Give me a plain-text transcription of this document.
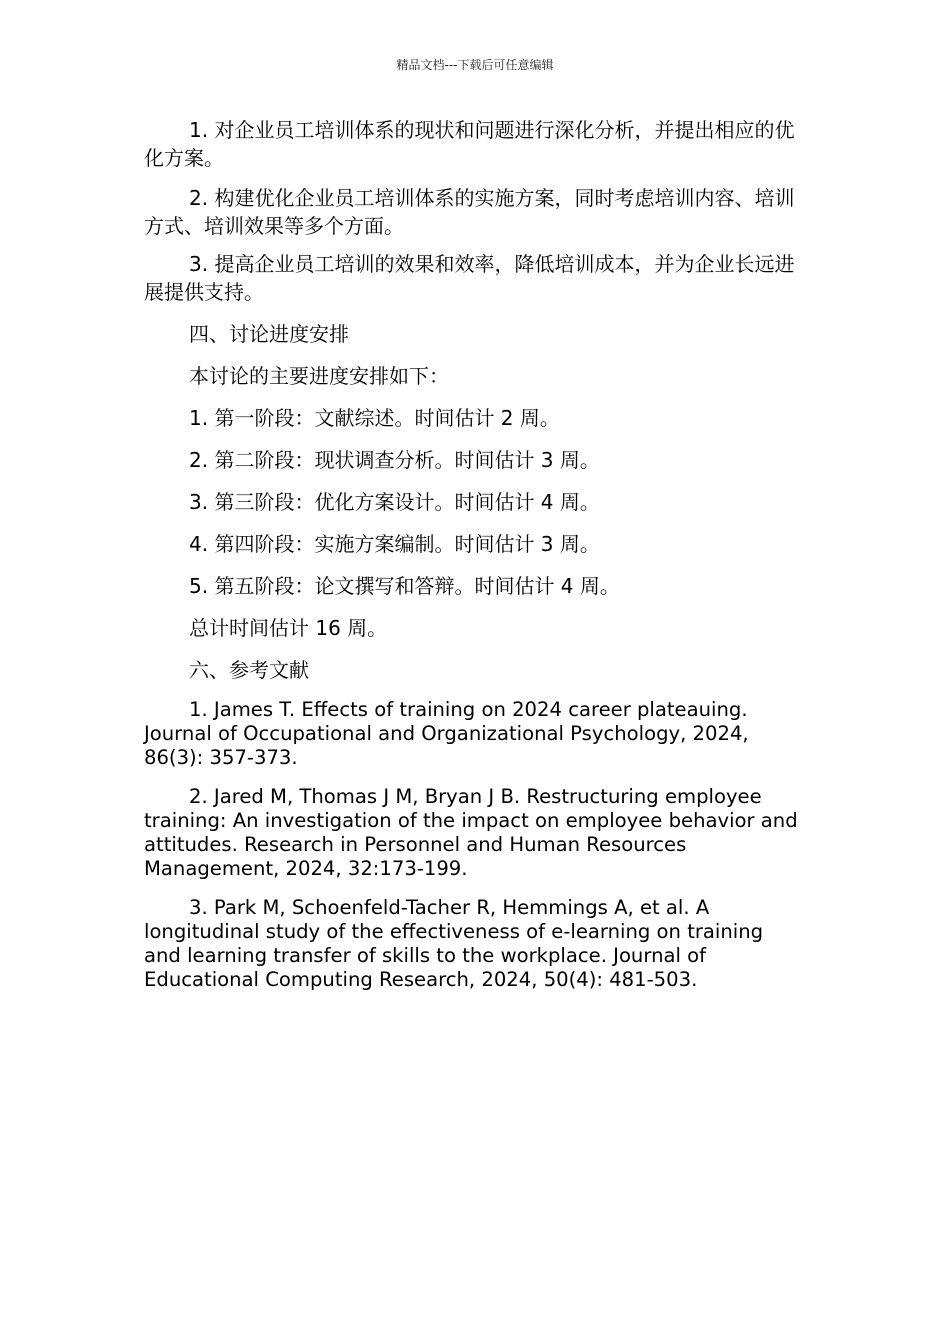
精品文档---下载后可任意编辑

1. 对企业员工培训体系的现状和问题进行深化分析，并提出相应的优化方案。

2. 构建优化企业员工培训体系的实施方案，同时考虑培训内容、培训方式、培训效果等多个方面。

3. 提高企业员工培训的效果和效率，降低培训成本，并为企业长远进展提供支持。

四、讨论进度安排

本讨论的主要进度安排如下：

1. 第一阶段：文献综述。时间估计 2 周。

2. 第二阶段：现状调查分析。时间估计 3 周。

3. 第三阶段：优化方案设计。时间估计 4 周。

4. 第四阶段：实施方案编制。时间估计 3 周。

5. 第五阶段：论文撰写和答辩。时间估计 4 周。

总计时间估计 16 周。

六、参考文献

1. James T. Effects of training on 2024 career plateauing. Journal of Occupational and Organizational Psychology, 2024, 86(3): 357-373.

2. Jared M, Thomas J M, Bryan J B. Restructuring employee training: An investigation of the impact on employee behavior and attitudes. Research in Personnel and Human Resources Management, 2024, 32:173-199.

3. Park M, Schoenfeld-Tacher R, Hemmings A, et al. A longitudinal study of the effectiveness of e-learning on training and learning transfer of skills to the workplace. Journal of Educational Computing Research, 2024, 50(4): 481-503.
